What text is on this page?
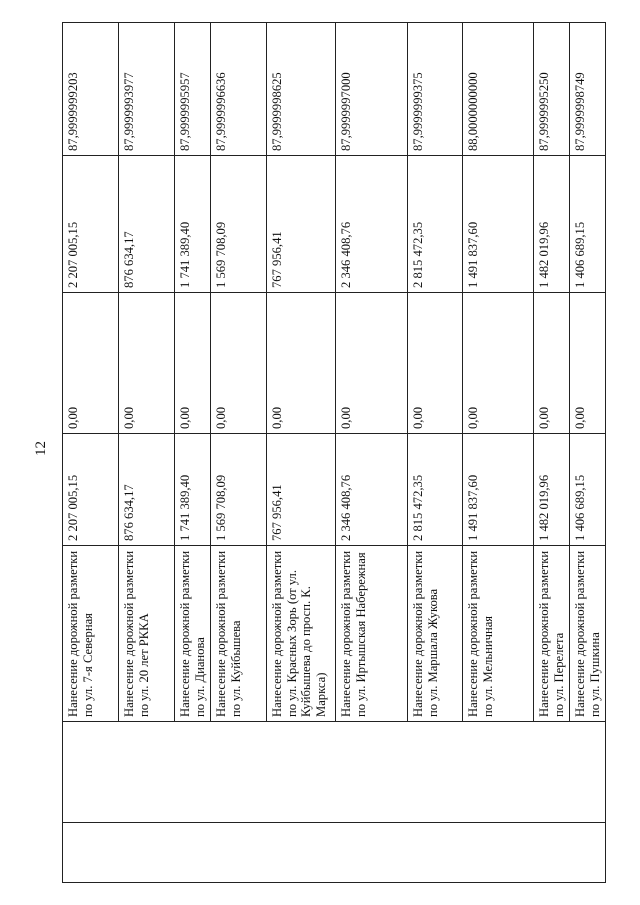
12
		Нанесение дорожной разметки по ул. 7-я Северная	2 207 005,15	0,00	2 207 005,15	87,9999999203
		Нанесение дорожной разметки по ул. 20 лет РККА	876 634,17	0,00	876 634,17	87,9999993977
		Нанесение дорожной разметки по ул. Дианова	1 741 389,40	0,00	1 741 389,40	87,9999995957
		Нанесение дорожной разметки по ул. Куйбышева	1 569 708,09	0,00	1 569 708,09	87,9999996636
		Нанесение дорожной разметки по ул. Красных Зорь (от ул. Куйбышева до просп. К. Маркса)	767 956,41	0,00	767 956,41	87,9999998625
		Нанесение дорожной разметки по ул. Иртышская Набережная	2 346 408,76	0,00	2 346 408,76	87,9999997000
		Нанесение дорожной разметки по ул. Маршала Жукова	2 815 472,35	0,00	2 815 472,35	87,9999999375
		Нанесение дорожной разметки по ул. Мельничная	1 491 837,60	0,00	1 491 837,60	88,0000000000
		Нанесение дорожной разметки по ул. Перелета	1 482 019,96	0,00	1 482 019,96	87,9999995250
		Нанесение дорожной разметки по ул. Пушкина	1 406 689,15	0,00	1 406 689,15	87,9999998749
